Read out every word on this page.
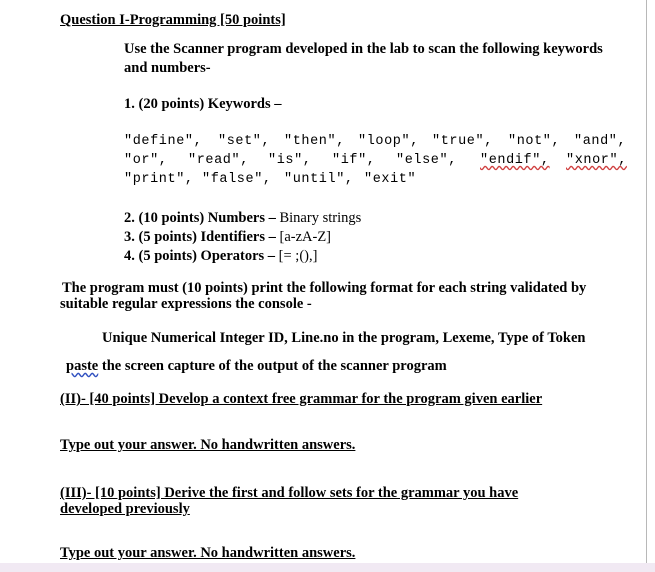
Question I-Programming [50 points]
Use the Scanner program developed in the lab to scan the following keywords
and numbers-
1. (20 points) Keywords –
"define", "set", "then", "loop", "true", "not", "and",
"or", "read", "is", "if", "else", "endif", "xnor",
"print", "false", "until", "exit"
2. (10 points) Numbers – Binary strings
3. (5 points) Identifiers – [a-zA-Z]
4. (5 points) Operators – [= ;(),]
The program must (10 points) print the following format for each string validated by
suitable regular expressions the console -
Unique Numerical Integer ID, Line.no in the program, Lexeme, Type of Token
paste the screen capture of the output of the scanner program
(II)- [40 points] Develop a context free grammar for the program given earlier
Type out your answer. No handwritten answers.
(III)- [10 points] Derive the first and follow sets for the grammar you have
developed previously
Type out your answer. No handwritten answers.
